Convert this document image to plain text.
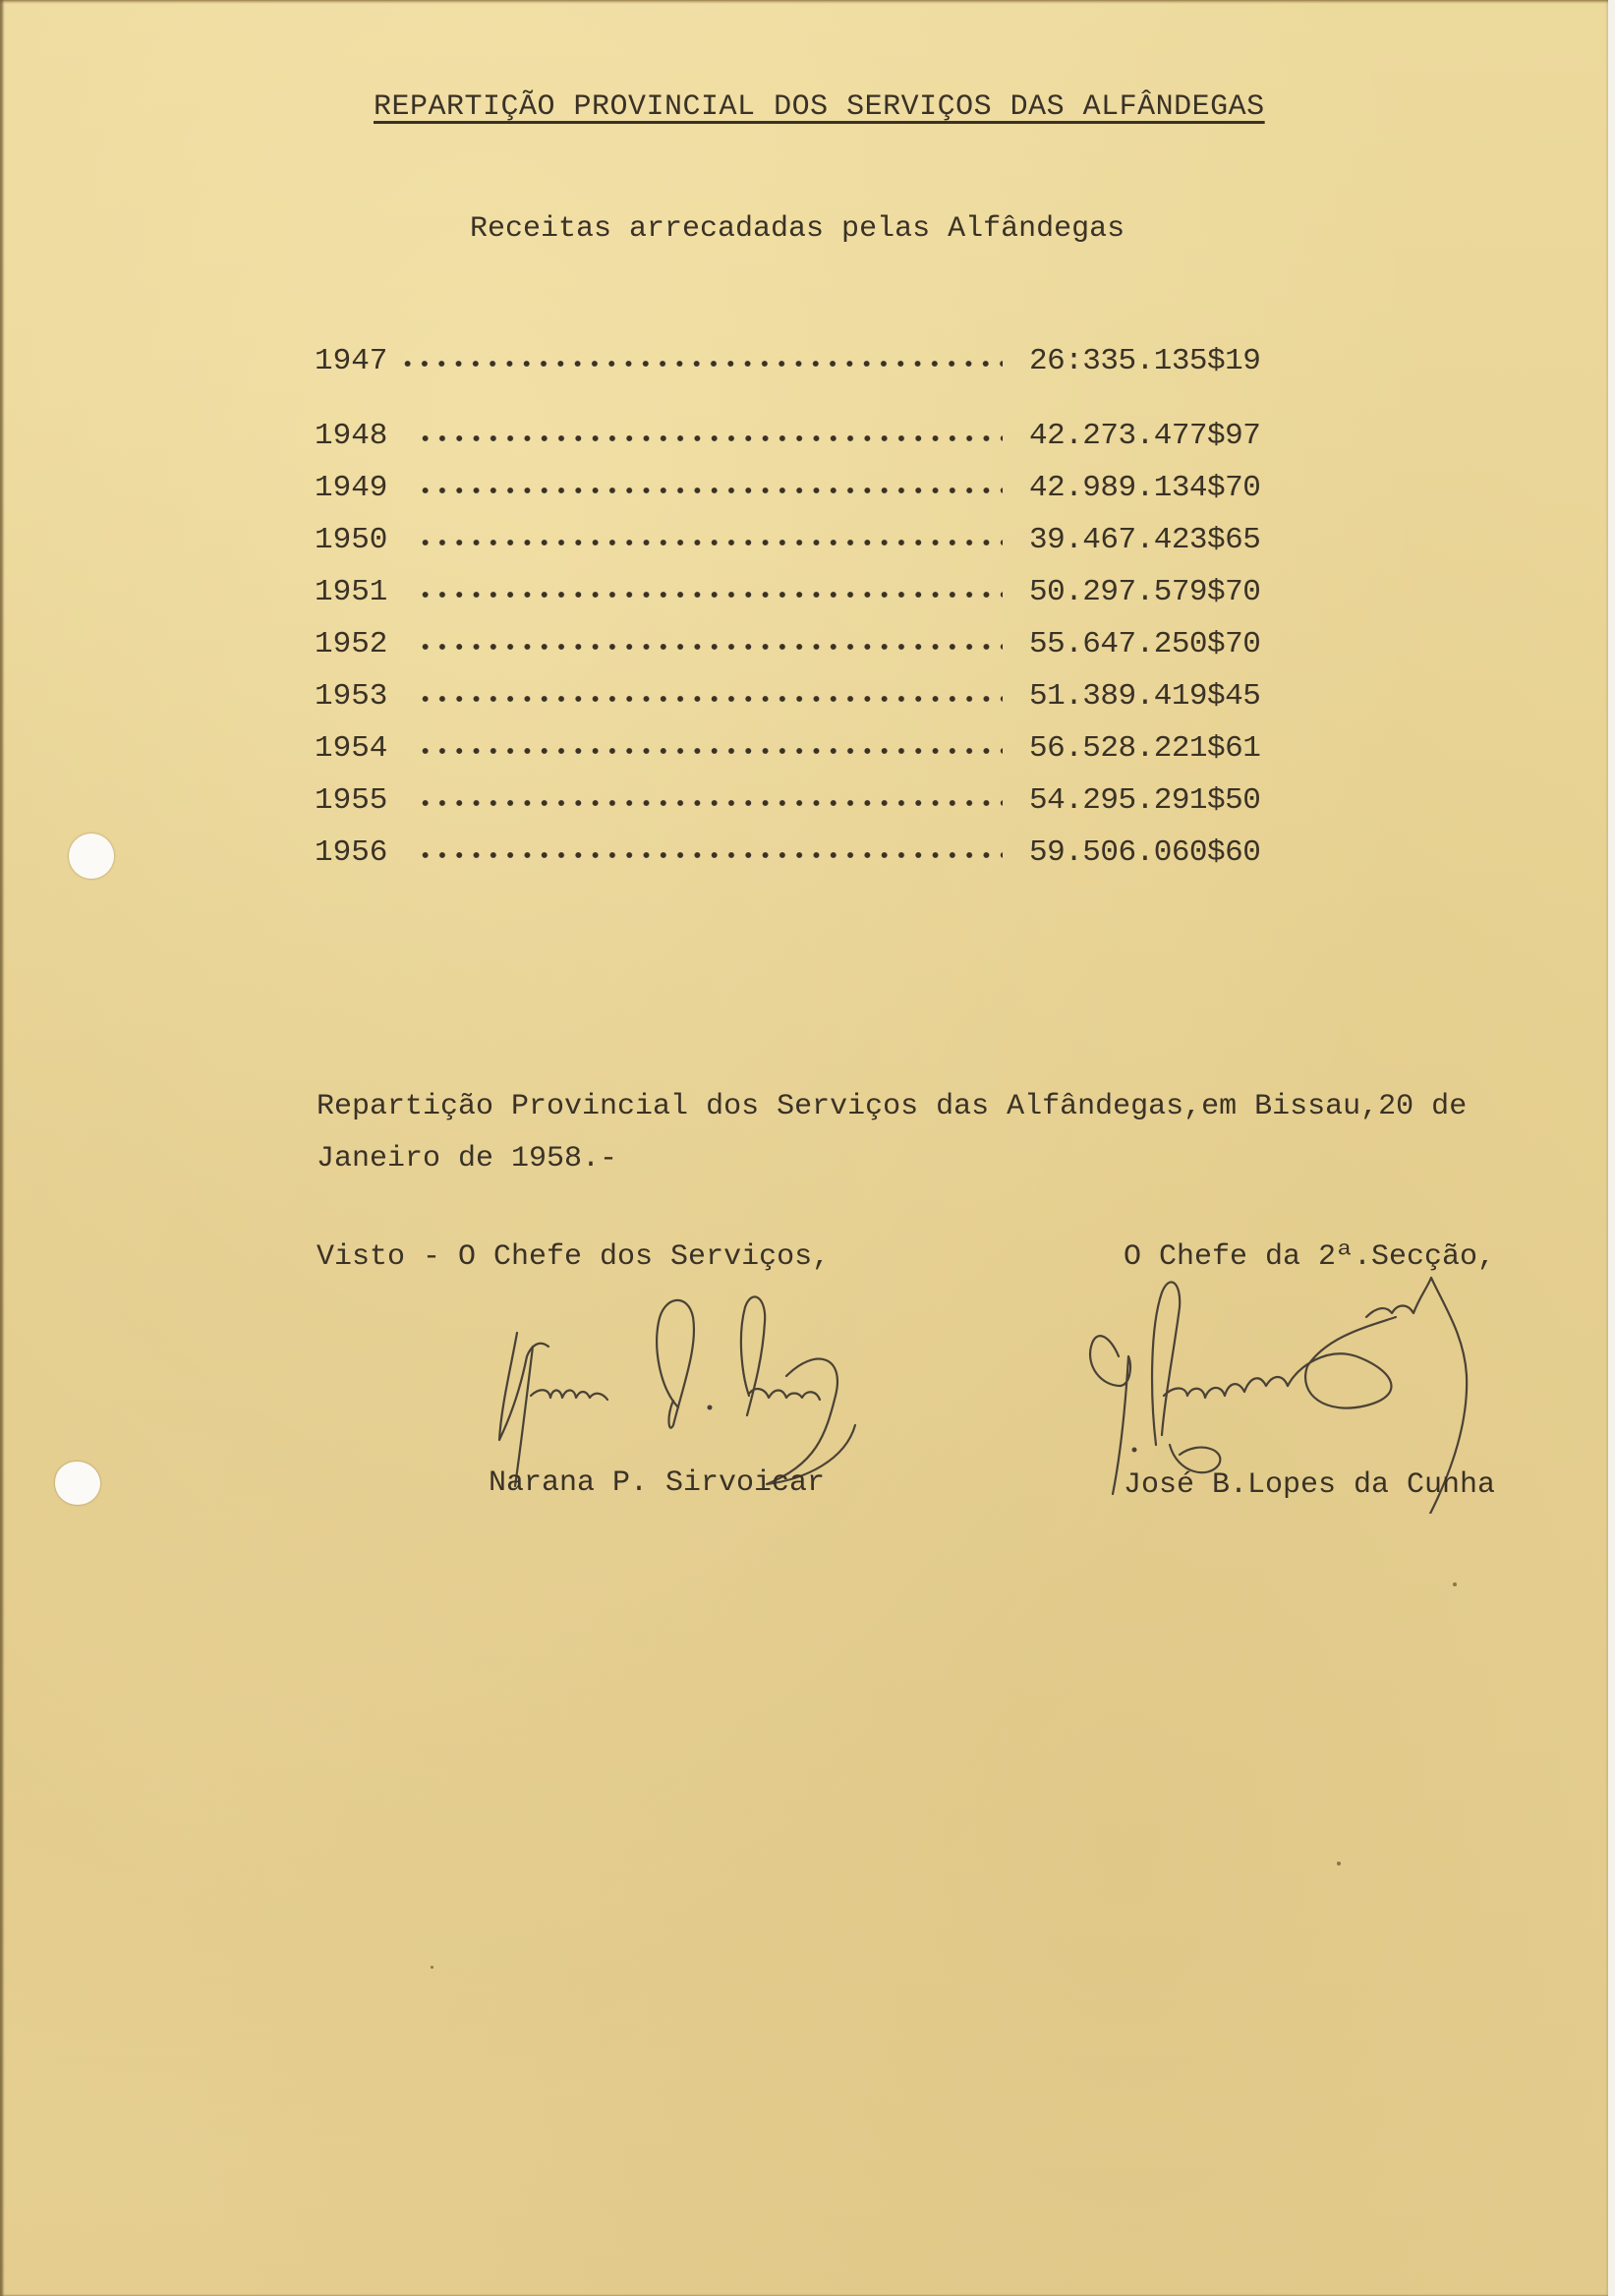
REPARTIÇÃO PROVINCIAL DOS SERVIÇOS DAS ALFÂNDEGAS
Receitas arrecadadas pelas Alfândegas
1947	26:335.135$19
1948	42.273.477$97
1949	42.989.134$70
1950	39.467.423$65
1951	50.297.579$70
1952	55.647.250$70
1953	51.389.419$45
1954	56.528.221$61
1955	54.295.291$50
1956	59.506.060$60
Repartição Provincial dos Serviços das Alfândegas,em Bissau,20 de
Janeiro de 1958.-
Visto - O Chefe dos Serviços,	O Chefe da 2ª.Secção,
Narana P. Sirvoicar	José B.Lopes da Cunha
